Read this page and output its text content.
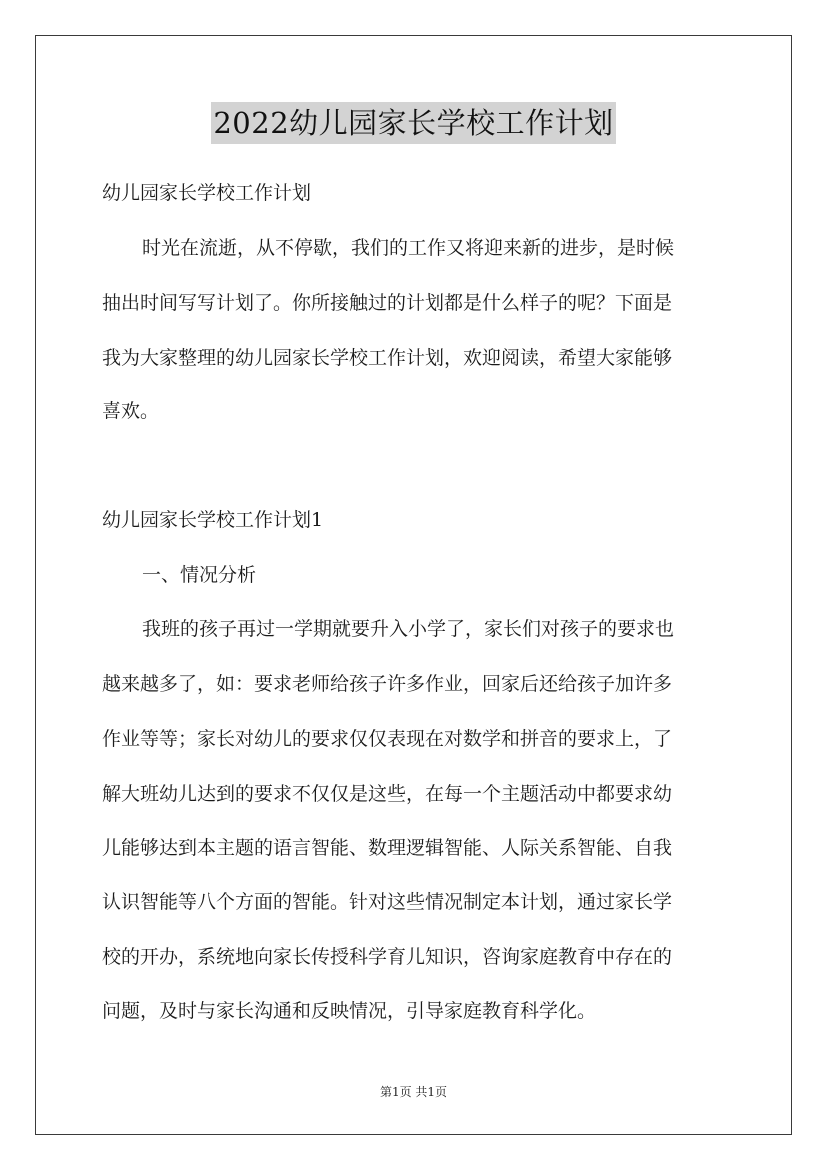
2022幼儿园家长学校工作计划
幼儿园家长学校工作计划
时光在流逝，从不停歇，我们的工作又将迎来新的进步，是时候
抽出时间写写计划了。你所接触过的计划都是什么样子的呢？下面是
我为大家整理的幼儿园家长学校工作计划，欢迎阅读，希望大家能够
喜欢。
幼儿园家长学校工作计划1
一、情况分析
我班的孩子再过一学期就要升入小学了，家长们对孩子的要求也
越来越多了，如：要求老师给孩子许多作业，回家后还给孩子加许多
作业等等；家长对幼儿的要求仅仅表现在对数学和拼音的要求上，了
解大班幼儿达到的要求不仅仅是这些，在每一个主题活动中都要求幼
儿能够达到本主题的语言智能、数理逻辑智能、人际关系智能、自我
认识智能等八个方面的智能。针对这些情况制定本计划，通过家长学
校的开办，系统地向家长传授科学育儿知识，咨询家庭教育中存在的
问题，及时与家长沟通和反映情况，引导家庭教育科学化。
第1页 共1页
